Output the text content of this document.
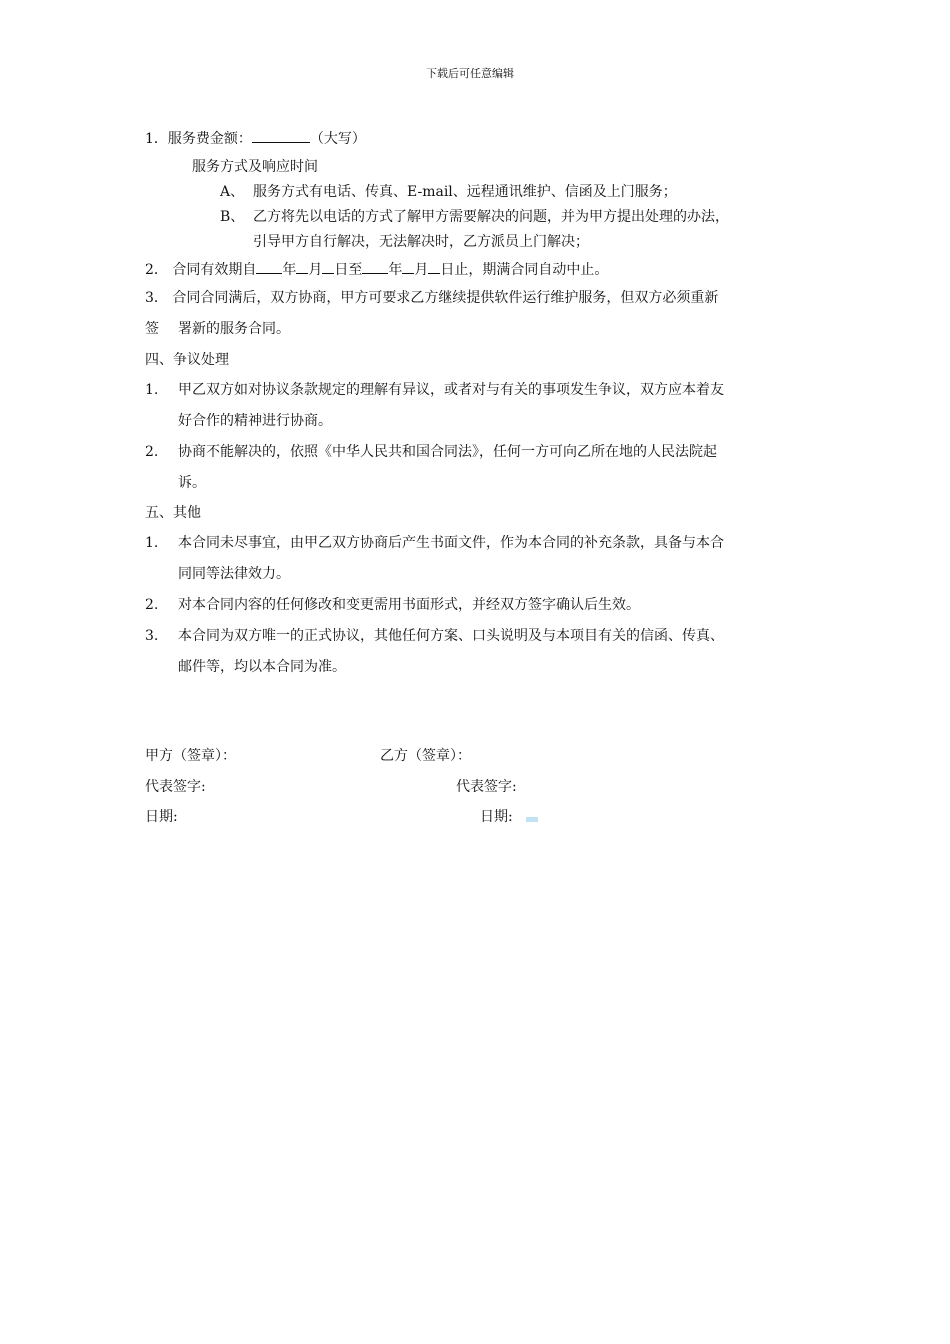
下载后可任意编辑
1．服务费金额：	（大写）
服务方式及响应时间
A、 服务方式有电话、传真、E-mail、远程通讯维护、信函及上门服务；
B、 乙方将先以电话的方式了解甲方需要解决的问题，并为甲方提出处理的办法，
引导甲方自行解决，无法解决时，乙方派员上门解决；
2． 合同有效期自 年 月 日至 年 月 日止，期满合同自动中止。
3． 合同合同满后，双方协商，甲方可要求乙方继续提供软件运行维护服务，但双方必须重新
签 署新的服务合同。
四、争议处理
1. 甲乙双方如对协议条款规定的理解有异议，或者对与有关的事项发生争议，双方应本着友
好合作的精神进行协商。
2. 协商不能解决的，依照《中华人民共和国合同法》，任何一方可向乙所在地的人民法院起
诉。
五、其他
1. 本合同未尽事宜，由甲乙双方协商后产生书面文件，作为本合同的补充条款，具备与本合
同同等法律效力。
2. 对本合同内容的任何修改和变更需用书面形式，并经双方签字确认后生效。
3. 本合同为双方唯一的正式协议，其他任何方案、口头说明及与本项目有关的信函、传真、
邮件等，均以本合同为准。
甲方（签章）：	乙方（签章）：
代表签字:	代表签字:
日期:	日期:
